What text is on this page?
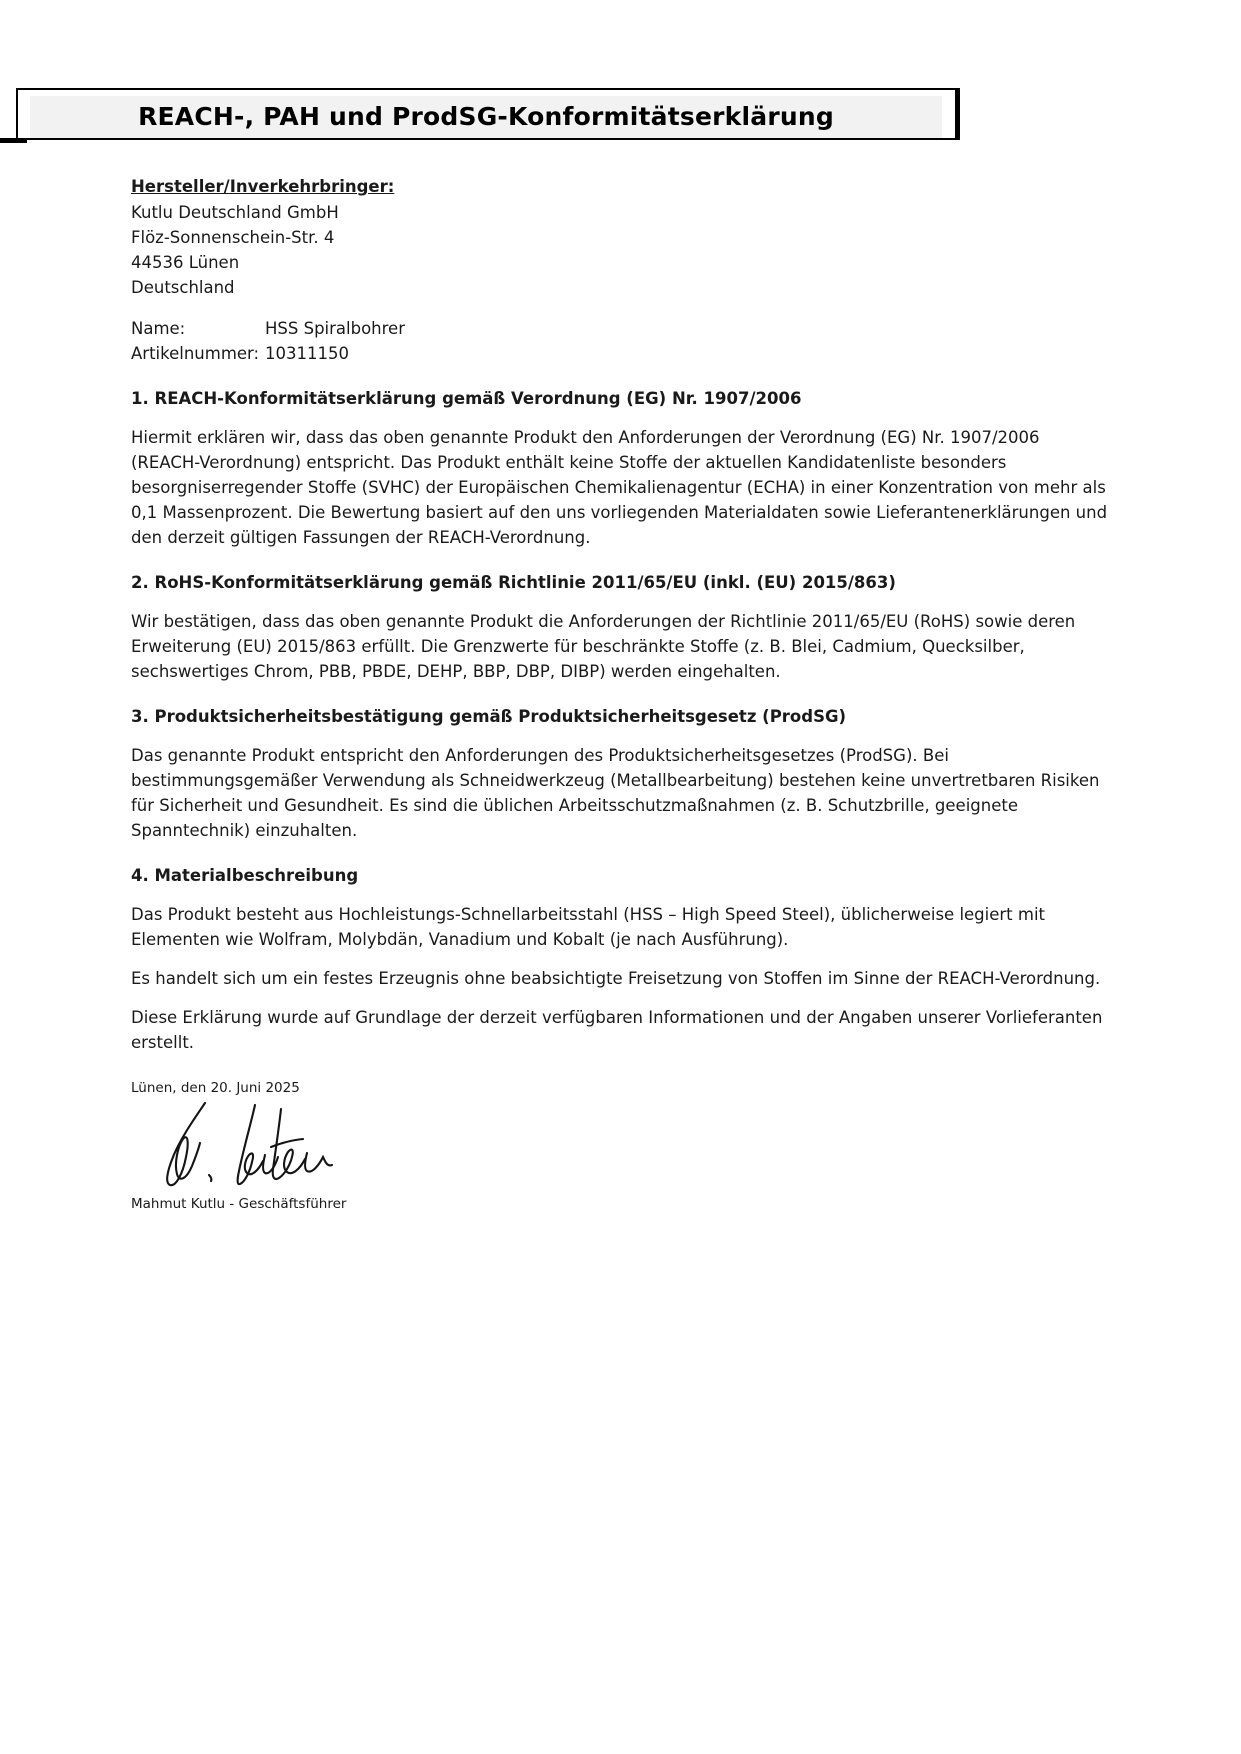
REACH-, PAH und ProdSG-Konformitätserklärung

Hersteller/Inverkehrbringer:

Kutlu Deutschland GmbH
Flöz-Sonnenschein-Str. 4
44536 Lünen
Deutschland
Name:	HSS Spiralbohrer
Artikelnummer: 10311150
1. REACH-Konformitätserklärung gemäß Verordnung (EG) Nr. 1907/2006

Hiermit erklären wir, dass das oben genannte Produkt den Anforderungen der Verordnung (EG) Nr. 1907/2006 (REACH-Verordnung) entspricht. Das Produkt enthält keine Stoffe der aktuellen Kandidatenliste besonders besorgniserregender Stoffe (SVHC) der Europäischen Chemikalienagentur (ECHA) in einer Konzentration von mehr als 0,1 Massenprozent. Die Bewertung basiert auf den uns vorliegenden Materialdaten sowie Lieferantenerklärungen und den derzeit gültigen Fassungen der REACH-Verordnung.

2. RoHS-Konformitätserklärung gemäß Richtlinie 2011/65/EU (inkl. (EU) 2015/863)

Wir bestätigen, dass das oben genannte Produkt die Anforderungen der Richtlinie 2011/65/EU (RoHS) sowie deren Erweiterung (EU) 2015/863 erfüllt. Die Grenzwerte für beschränkte Stoffe (z. B. Blei, Cadmium, Quecksilber, sechswertiges Chrom, PBB, PBDE, DEHP, BBP, DBP, DIBP) werden eingehalten.

3. Produktsicherheitsbestätigung gemäß Produktsicherheitsgesetz (ProdSG)

Das genannte Produkt entspricht den Anforderungen des Produktsicherheitsgesetzes (ProdSG). Bei bestimmungsgemäßer Verwendung als Schneidwerkzeug (Metallbearbeitung) bestehen keine unvertretbaren Risiken für Sicherheit und Gesundheit. Es sind die üblichen Arbeitsschutzmaßnahmen (z. B. Schutzbrille, geeignete Spanntechnik) einzuhalten.

4. Materialbeschreibung

Das Produkt besteht aus Hochleistungs-Schnellarbeitsstahl (HSS – High Speed Steel), üblicherweise legiert mit Elementen wie Wolfram, Molybdän, Vanadium und Kobalt (je nach Ausführung).

Es handelt sich um ein festes Erzeugnis ohne beabsichtigte Freisetzung von Stoffen im Sinne der REACH-Verordnung.

Diese Erklärung wurde auf Grundlage der derzeit verfügbaren Informationen und der Angaben unserer Vorlieferanten erstellt.

Lünen, den 20. Juni 2025

Mahmut Kutlu - Geschäftsführer
